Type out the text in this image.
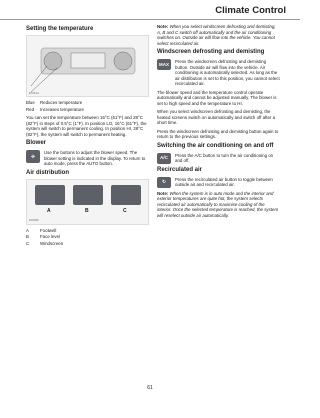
Climate Control
Setting the temperature
E72134
Blue	Reduces temperature
Red	Increases temperature

You can set the temperature between 16°C (61°F) and 28°C (82°F) in steps of 0.5°C (1°F). In position LO, 16°C (61°F), the system will switch to permanent cooling. In position HI, 28°C (82°F), the system will switch to permanent heating.

Blower
✣
Use the buttons to adjust the blower speed. The blower setting is indicated in the display. To return to auto mode, press the AUTO button.
Air distribution
A	B	C
E70936
A	Footwell
B	Face level
C	Windscreen

Note: When you select windscreen defrosting and demisting, A, B and C switch off automatically and the air conditioning switches on. Outside air will flow into the vehicle. You cannot select recirculated air.

Windscreen defrosting and demisting
MAX
Press the windscreen defrosting and demisting button. Outside air will flow into the vehicle. Air conditioning is automatically selected. As long as the air distribution is set to this position, you cannot select recirculated air.

The blower speed and the temperature control operate automatically and cannot be adjusted manually. The blower is set to high speed and the temperature to HI.

When you select windscreen defrosting and demisting, the heated screens switch on automatically and switch off after a short time.

Press the windscreen defrosting and demisting button again to return to the previous settings.

Switching the air conditioning on and off
A/C
Press the A/C button to turn the air conditioning on and off.
Recirculated air
↻
Press the recirculated air button to toggle between outside air and recirculated air.

Note: When the system is in auto mode and the interior and exterior temperatures are quite hot, the system selects recirculated air automatically to maximise cooling of the interior. Once the selected temperature is reached, the system will reselect outside air automatically.

61
